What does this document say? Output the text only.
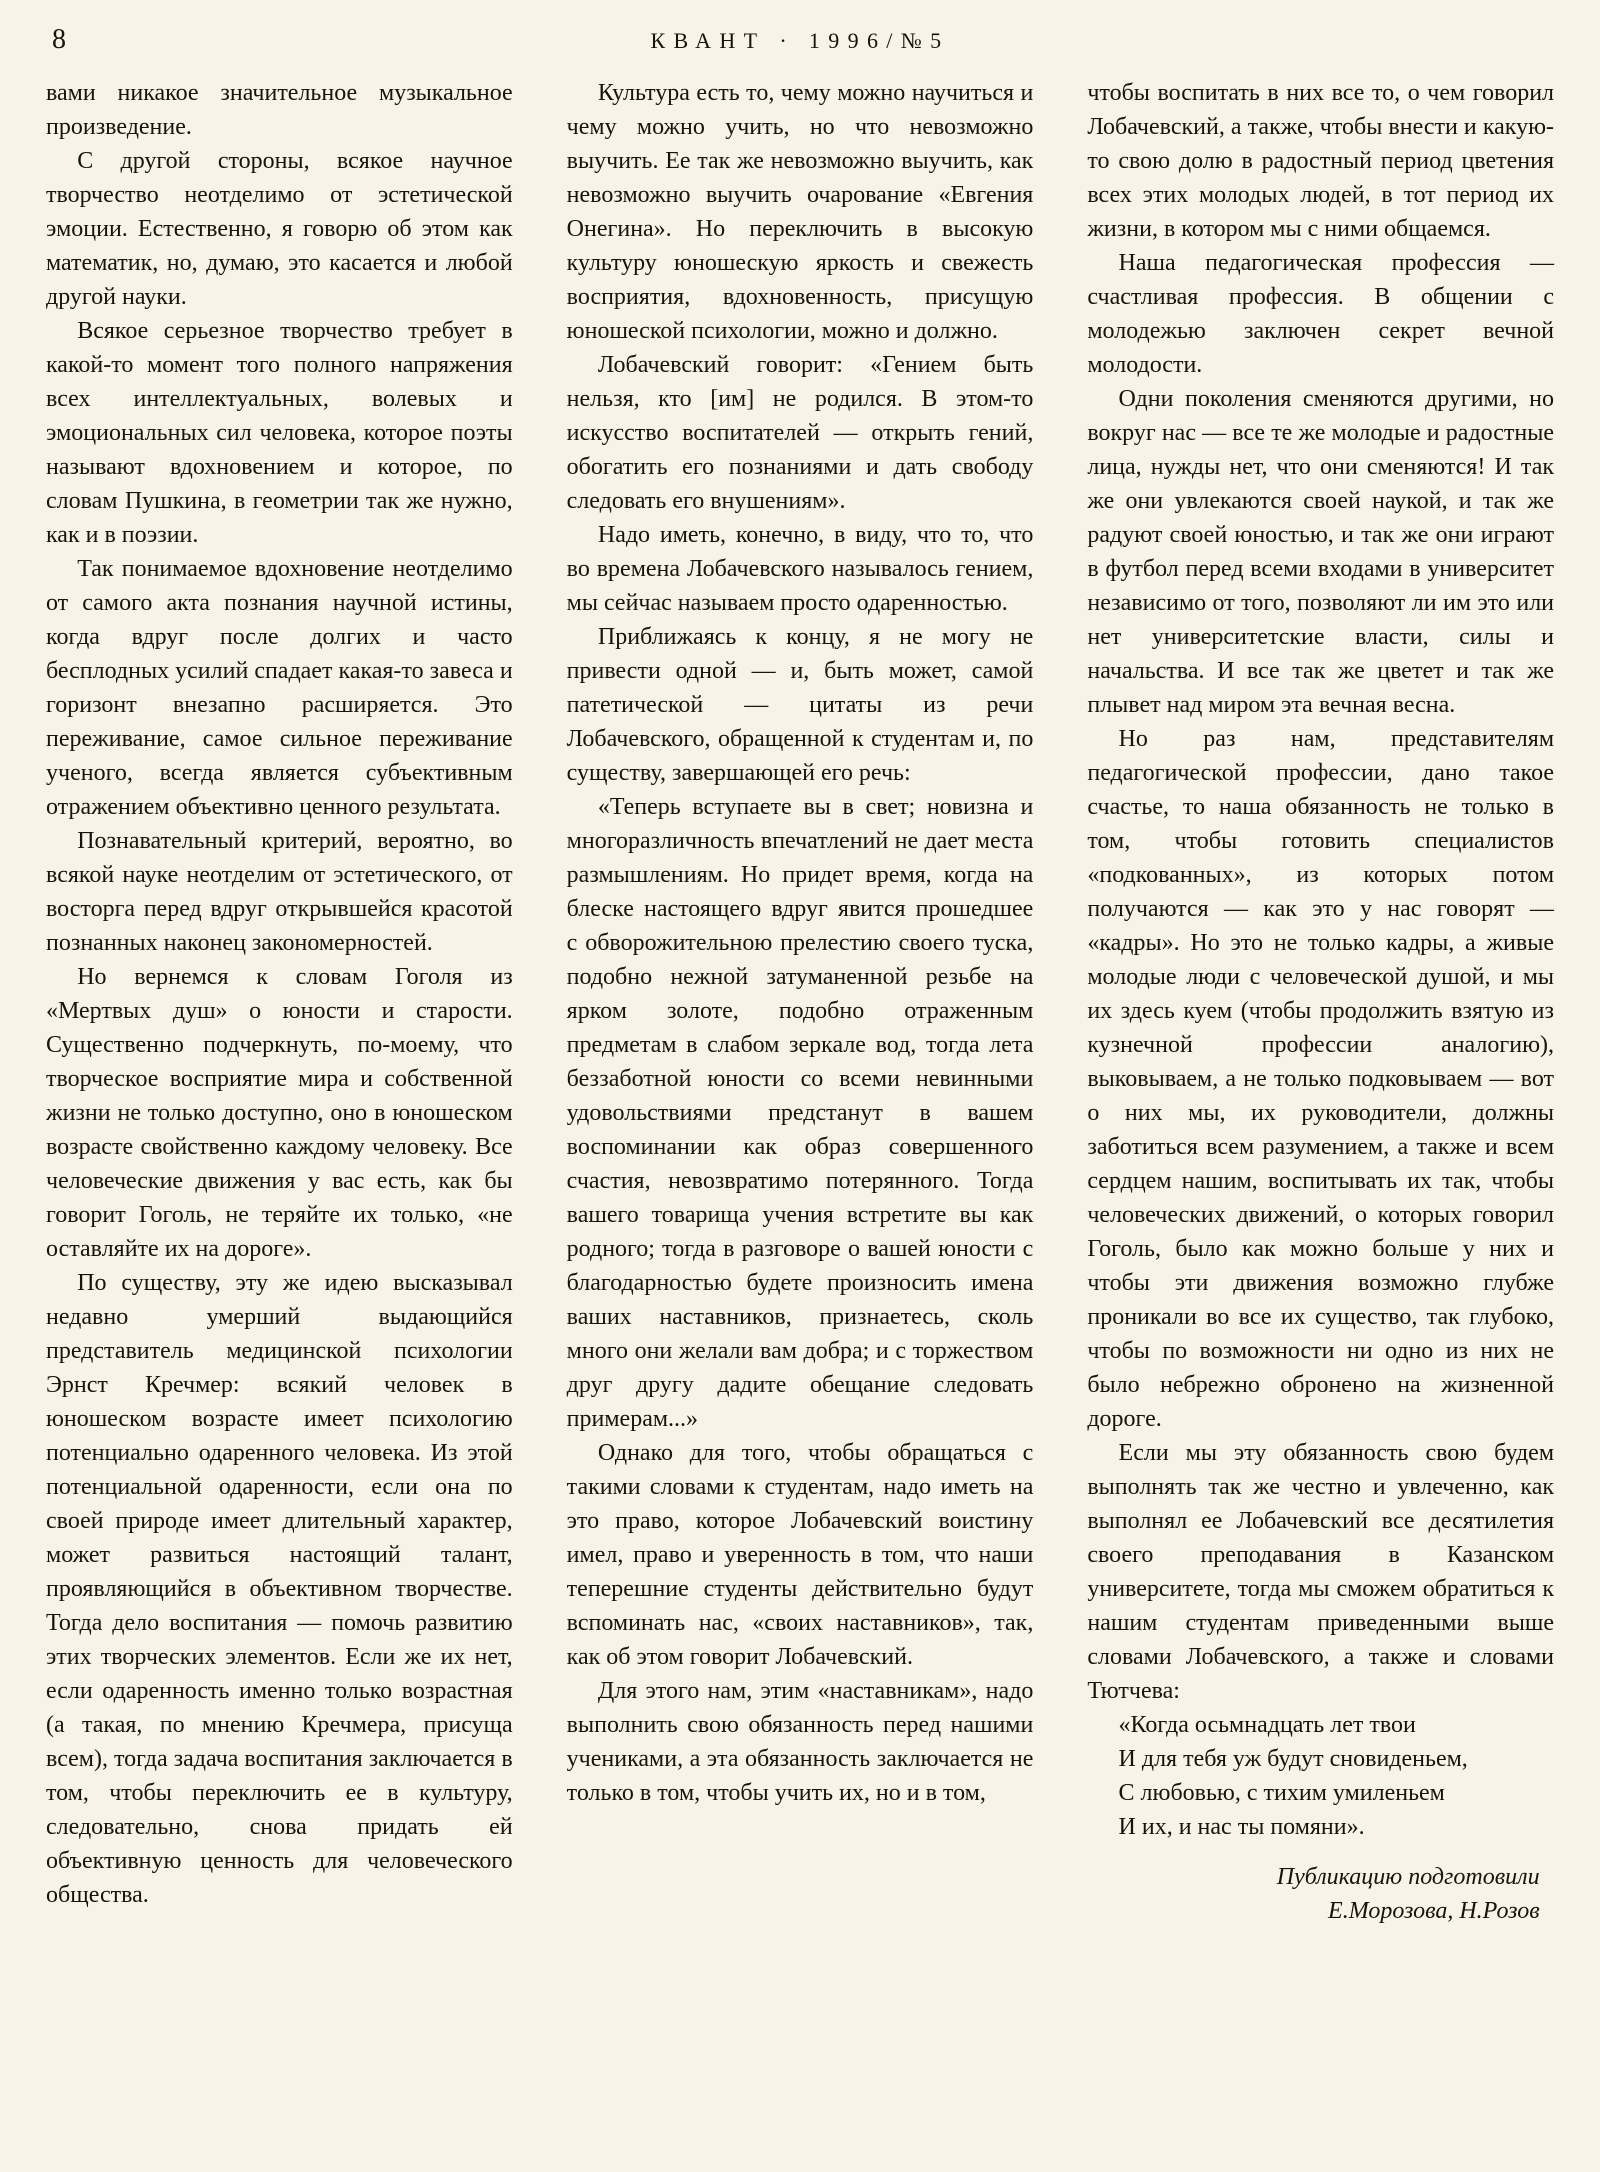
8	КВАНТ · 1996/№5

вами никакое значительное музыкальное произведение.

С другой стороны, всякое научное творчество неотделимо от эстетической эмоции. Естественно, я говорю об этом как математик, но, думаю, это касается и любой другой науки.

Всякое серьезное творчество требует в какой-то момент того полного напряжения всех интеллектуальных, волевых и эмоциональных сил человека, которое поэты называют вдохновением и которое, по словам Пушкина, в геометрии так же нужно, как и в поэзии.

Так понимаемое вдохновение неотделимо от самого акта познания научной истины, когда вдруг после долгих и часто бесплодных усилий спадает какая-то завеса и горизонт внезапно расширяется. Это переживание, самое сильное переживание ученого, всегда является субъективным отражением объективно ценного результата.

Познавательный критерий, вероятно, во всякой науке неотделим от эстетического, от восторга перед вдруг открывшейся красотой познанных наконец закономерностей.

Но вернемся к словам Гоголя из «Мертвых душ» о юности и старости. Существенно подчеркнуть, по-моему, что творческое восприятие мира и собственной жизни не только доступно, оно в юношеском возрасте свойственно каждому человеку. Все человеческие движения у вас есть, как бы говорит Гоголь, не теряйте их только, «не оставляйте их на дороге».

По существу, эту же идею высказывал недавно умерший выдающийся представитель медицинской психологии Эрнст Кречмер: всякий человек в юношеском возрасте имеет психологию потенциально одаренного человека. Из этой потенциальной одаренности, если она по своей природе имеет длительный характер, может развиться настоящий талант, проявляющийся в объективном творчестве. Тогда дело воспитания — помочь развитию этих творческих элементов. Если же их нет, если одаренность именно только возрастная (а такая, по мнению Кречмера, присуща всем), тогда задача воспитания заключается в том, чтобы переключить ее в культуру, следовательно, снова придать ей объективную ценность для человеческого общества.

Культура есть то, чему можно научиться и чему можно учить, но что невозможно выучить. Ее так же невозможно выучить, как невозможно выучить очарование «Евгения Онегина». Но переключить в высокую культуру юношескую яркость и свежесть восприятия, вдохновенность, присущую юношеской психологии, можно и должно.

Лобачевский говорит: «Гением быть нельзя, кто [им] не родился. В этом-то искусство воспитателей — открыть гений, обогатить его познаниями и дать свободу следовать его внушениям».

Надо иметь, конечно, в виду, что то, что во времена Лобачевского называлось гением, мы сейчас называем просто одаренностью.

Приближаясь к концу, я не могу не привести одной — и, быть может, самой патетической — цитаты из речи Лобачевского, обращенной к студентам и, по существу, завершающей его речь:

«Теперь вступаете вы в свет; новизна и многоразличность впечатлений не дает места размышлениям. Но придет время, когда на блеске настоящего вдруг явится прошедшее с обворожительною прелестию своего туска, подобно нежной затуманенной резьбе на ярком золоте, подобно отраженным предметам в слабом зеркале вод, тогда лета беззаботной юности со всеми невинными удовольствиями предстанут в вашем воспоминании как образ совершенного счастия, невозвратимо потерянного. Тогда вашего товарища учения встретите вы как родного; тогда в разговоре о вашей юности с благодарностью будете произносить имена ваших наставников, признаетесь, сколь много они желали вам добра; и с торжеством друг другу дадите обещание следовать примерам...»

Однако для того, чтобы обращаться с такими словами к студентам, надо иметь на это право, которое Лобачевский воистину имел, право и уверенность в том, что наши теперешние студенты действительно будут вспоминать нас, «своих наставников», так, как об этом говорит Лобачевский.

Для этого нам, этим «наставникам», надо выполнить свою обязанность перед нашими учениками, а эта обязанность заключается не только в том, чтобы учить их, но и в том,

чтобы воспитать в них все то, о чем говорил Лобачевский, а также, чтобы внести и какую-то свою долю в радостный период цветения всех этих молодых людей, в тот период их жизни, в котором мы с ними общаемся.

Наша педагогическая профессия — счастливая профессия. В общении с молодежью заключен секрет вечной молодости.

Одни поколения сменяются другими, но вокруг нас — все те же молодые и радостные лица, нужды нет, что они сменяются! И так же они увлекаются своей наукой, и так же радуют своей юностью, и так же они играют в футбол перед всеми входами в университет независимо от того, позволяют ли им это или нет университетские власти, силы и начальства. И все так же цветет и так же плывет над миром эта вечная весна.

Но раз нам, представителям педагогической профессии, дано такое счастье, то наша обязанность не только в том, чтобы готовить специалистов «подкованных», из которых потом получаются — как это у нас говорят — «кадры». Но это не только кадры, а живые молодые люди с человеческой душой, и мы их здесь куем (чтобы продолжить взятую из кузнечной профессии аналогию), выковываем, а не только подковываем — вот о них мы, их руководители, должны заботиться всем разумением, а также и всем сердцем нашим, воспитывать их так, чтобы человеческих движений, о которых говорил Гоголь, было как можно больше у них и чтобы эти движения возможно глубже проникали во все их существо, так глубоко, чтобы по возможности ни одно из них не было небрежно обронено на жизненной дороге.

Если мы эту обязанность свою будем выполнять так же честно и увлеченно, как выполнял ее Лобачевский все десятилетия своего преподавания в Казанском университете, тогда мы сможем обратиться к нашим студентам приведенными выше словами Лобачевского, а также и словами Тютчева:

«Когда осьмнадцать лет твои
И для тебя уж будут сновиденьем,
С любовью, с тихим умиленьем
И их, и нас ты помяни».
Публикацию подготовили
Е.Морозова, Н.Розов
